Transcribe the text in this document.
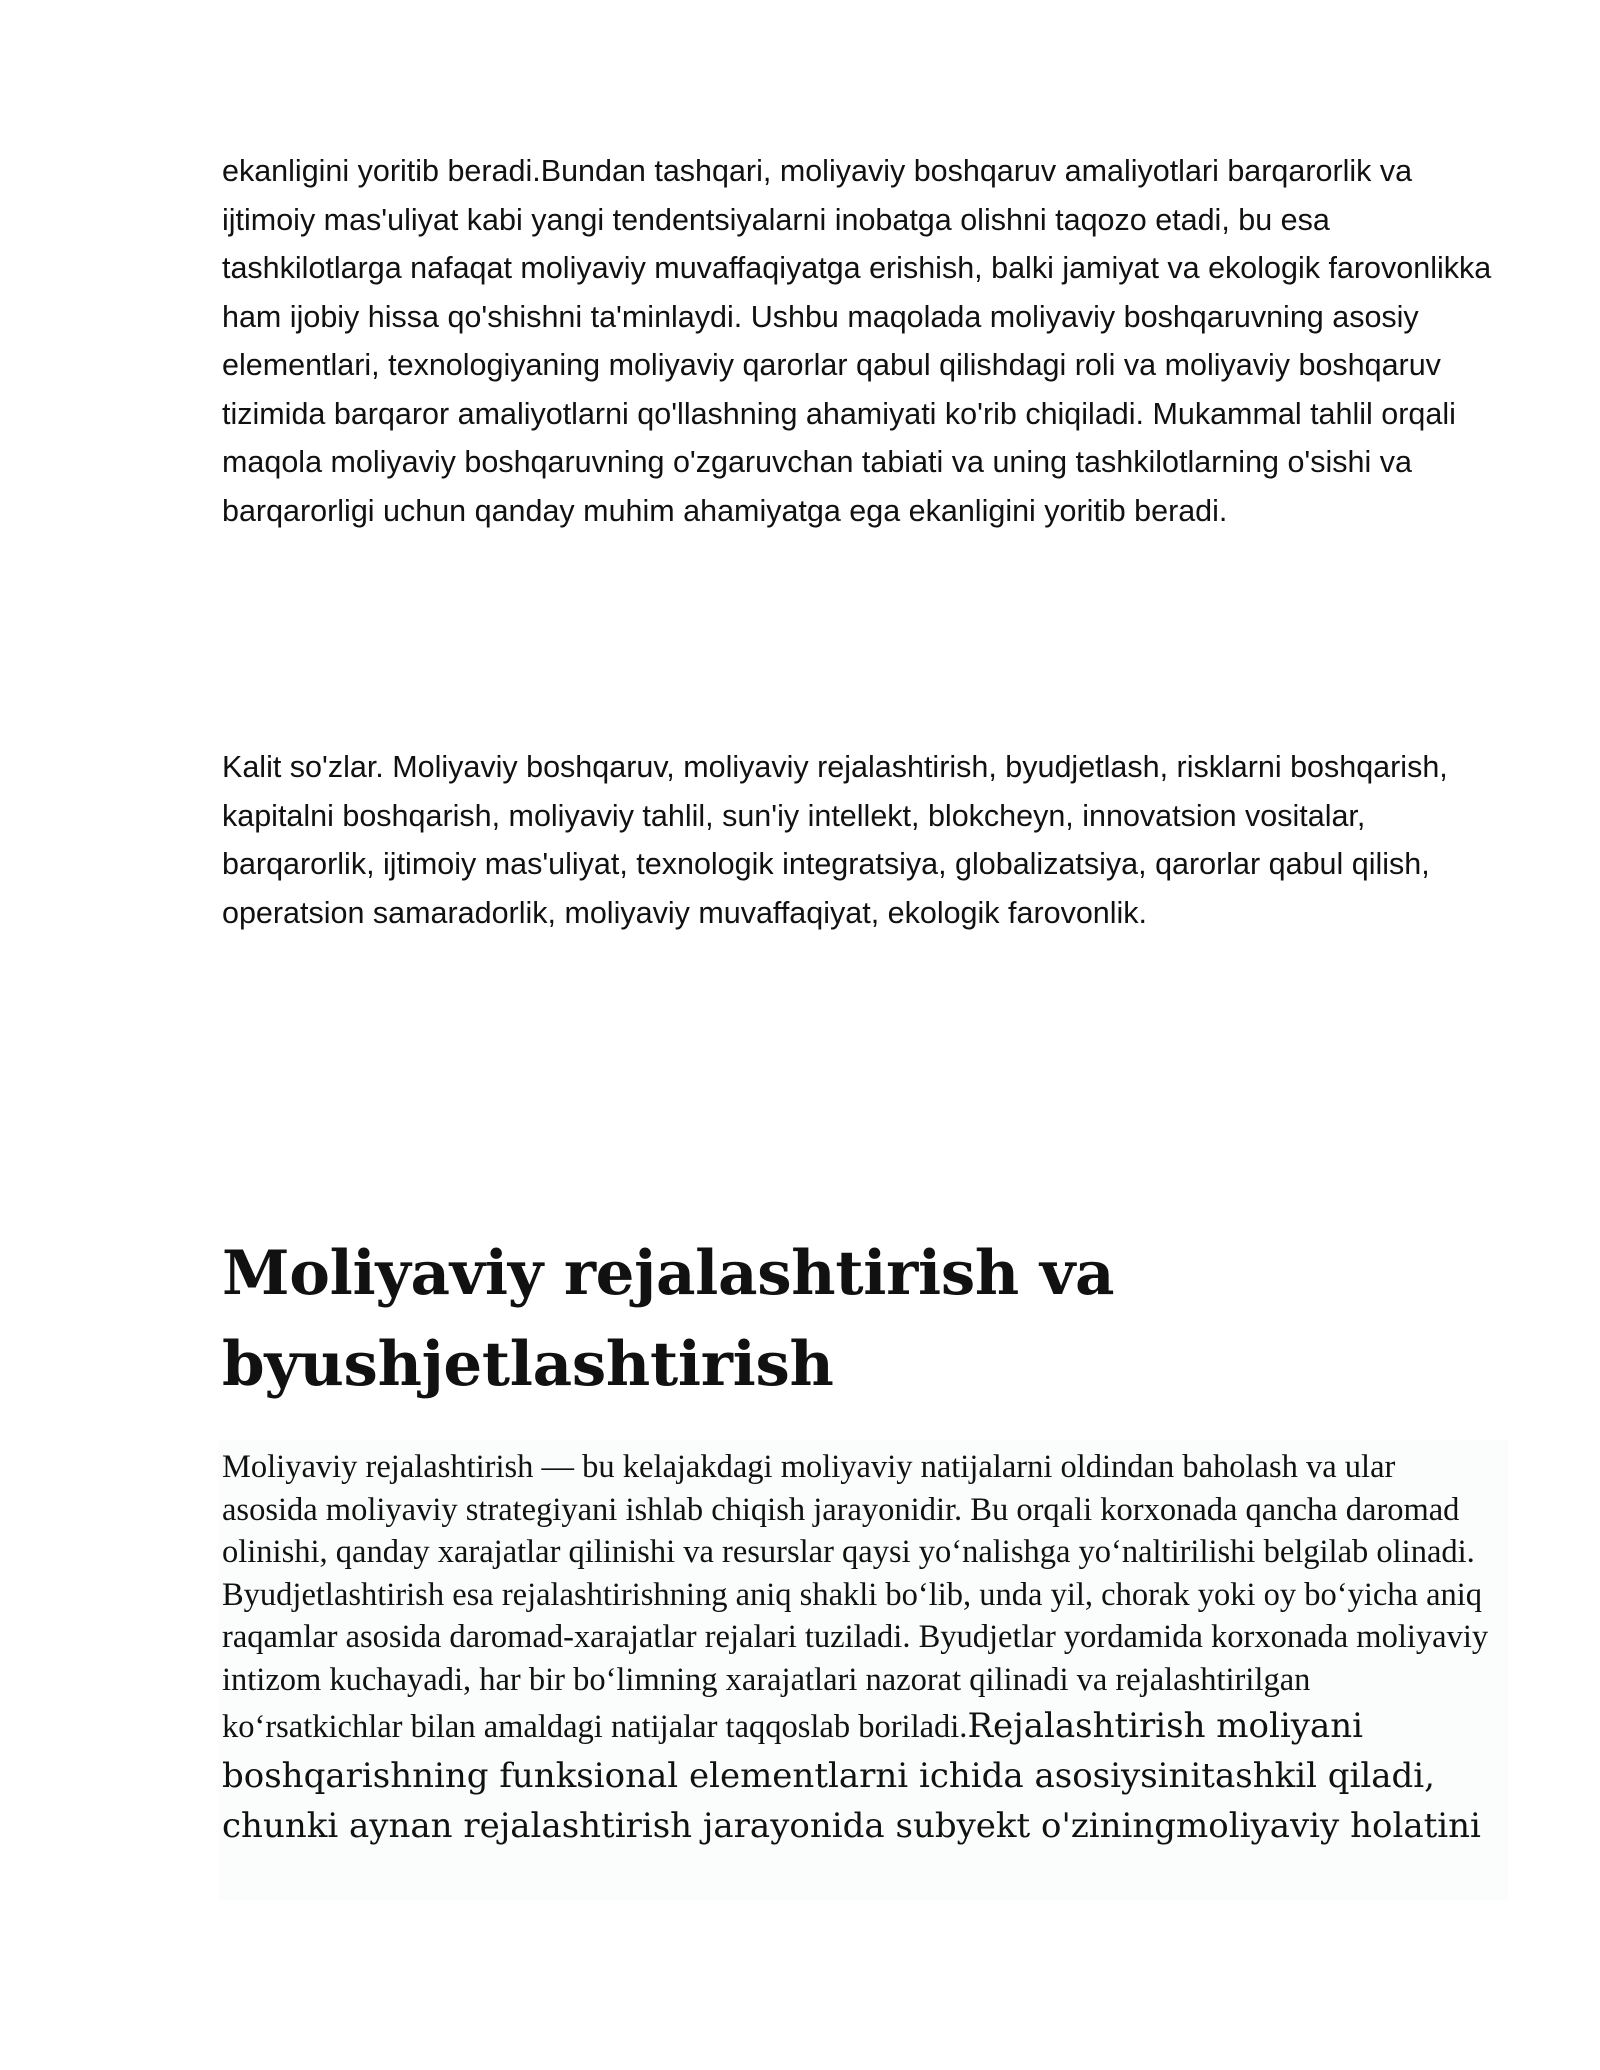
ekanligini yoritib beradi.Bundan tashqari, moliyaviy boshqaruv amaliyotlari barqarorlik va ijtimoiy mas'uliyat kabi yangi tendentsiyalarni inobatga olishni taqozo etadi, bu esa tashkilotlarga nafaqat moliyaviy muvaffaqiyatga erishish, balki jamiyat va ekologik farovonlikka ham ijobiy hissa qo'shishni ta'minlaydi. Ushbu maqolada moliyaviy boshqaruvning asosiy elementlari, texnologiyaning moliyaviy qarorlar qabul qilishdagi roli va moliyaviy boshqaruv tizimida barqaror amaliyotlarni qo'llashning ahamiyati ko'rib chiqiladi. Mukammal tahlil orqali maqola moliyaviy boshqaruvning o'zgaruvchan tabiati va uning tashkilotlarning o'sishi va barqarorligi uchun qanday muhim ahamiyatga ega ekanligini yoritib beradi.

Kalit so'zlar. Moliyaviy boshqaruv, moliyaviy rejalashtirish, byudjetlash, risklarni boshqarish, kapitalni boshqarish, moliyaviy tahlil, sun'iy intellekt, blokcheyn, innovatsion vositalar, barqarorlik, ijtimoiy mas'uliyat, texnologik integratsiya, globalizatsiya, qarorlar qabul qilish, operatsion samaradorlik, moliyaviy muvaffaqiyat, ekologik farovonlik.

Moliyaviy rejalashtirish va byushjetlashtirish

Moliyaviy rejalashtirish — bu kelajakdagi moliyaviy natijalarni oldindan baholash va ular asosida moliyaviy strategiyani ishlab chiqish jarayonidir. Bu orqali korxonada qancha daromad olinishi, qanday xarajatlar qilinishi va resurslar qaysi yoʻnalishga yoʻnaltirilishi belgilab olinadi. Byudjetlashtirish esa rejalashtirishning aniq shakli boʻlib, unda yil, chorak yoki oy boʻyicha aniq raqamlar asosida daromad-xarajatlar rejalari tuziladi. Byudjetlar yordamida korxonada moliyaviy intizom kuchayadi, har bir boʻlimning xarajatlari nazorat qilinadi va rejalashtirilgan koʻrsatkichlar bilan amaldagi natijalar taqqoslab boriladi.Rejalashtirish moliyani boshqarishning funksional elementlarni ichida asosiysinitashkil qiladi, chunki aynan rejalashtirish jarayonida subyekt o'ziningmoliyaviy holatini
